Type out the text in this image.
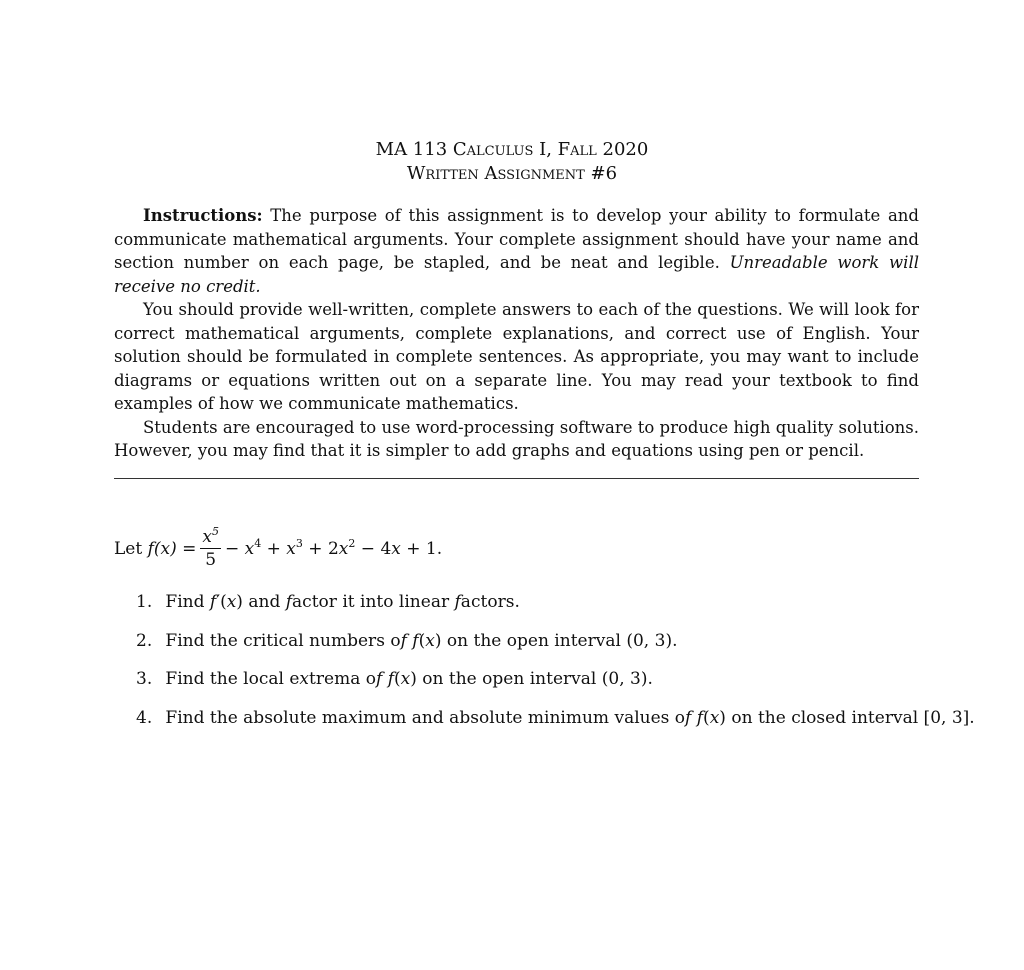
MA 113 Calculus I, Fall 2020
Written Assignment #6

Instructions: The purpose of this assignment is to develop your ability to formulate and communicate mathematical arguments. Your complete assignment should have your name and section number on each page, be stapled, and be neat and legible. Unreadable work will receive no credit.

You should provide well-written, complete answers to each of the questions. We will look for correct mathematical arguments, complete explanations, and correct use of English. Your solution should be formulated in complete sentences. As appropriate, you may want to include diagrams or equations written out on a separate line. You may read your textbook to find examples of how we communicate mathematics.

Students are encouraged to use word-processing software to produce high quality solutions. However, you may find that it is simpler to add graphs and equations using pen or pencil.

Let
$f(x) = \frac{x^5}{5} - x^4 + x^3 + 2x^2 - 4x + 1$.
1. Find f′(x) and factor it into linear factors.
2. Find the critical numbers of f(x) on the open interval (0, 3).
3. Find the local extrema of f(x) on the open interval (0, 3).
4. Find the absolute maximum and absolute minimum values of f(x) on the closed interval [0, 3].
